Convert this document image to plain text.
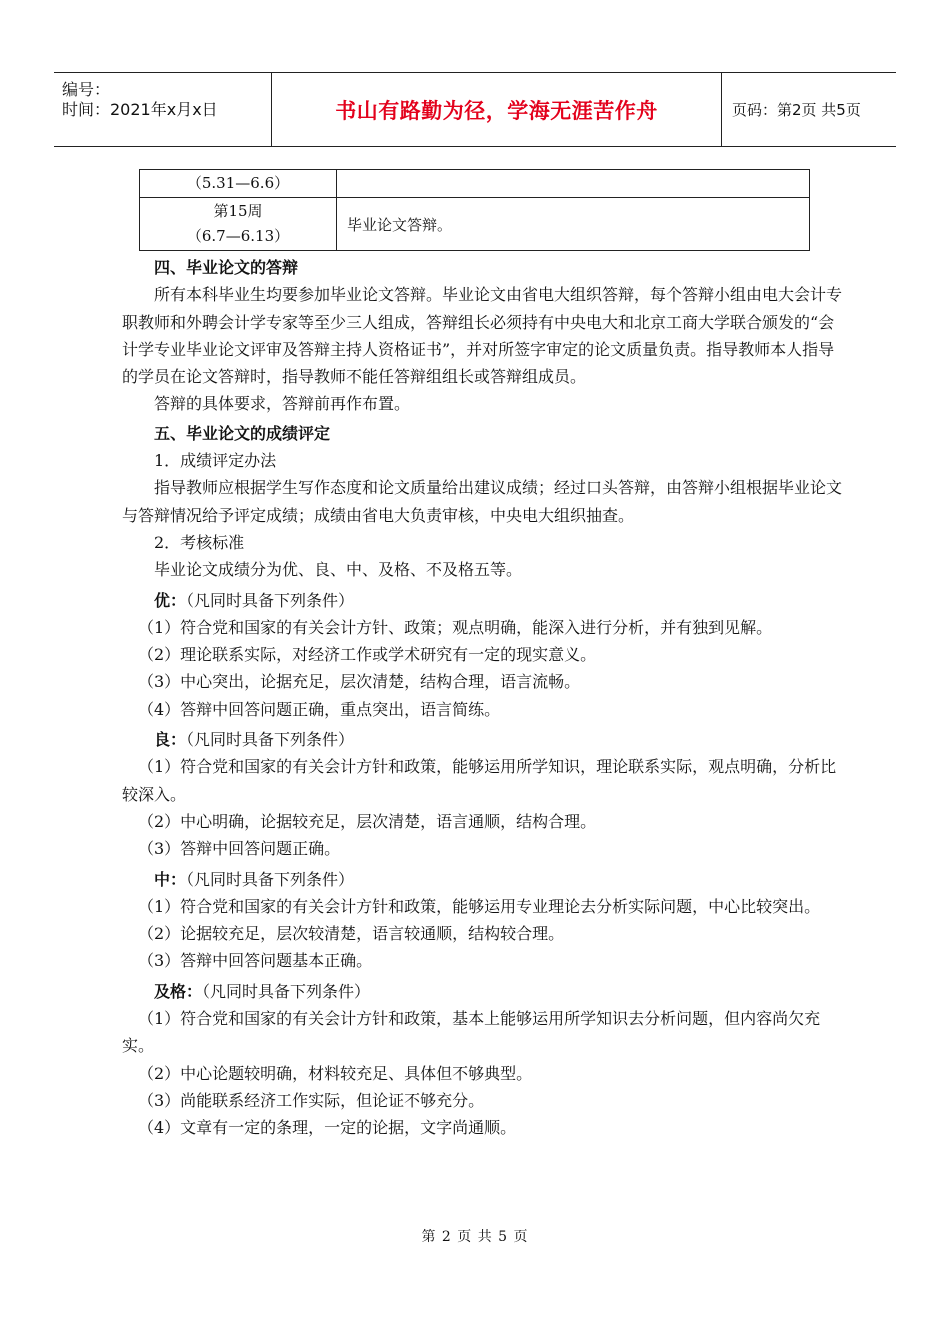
编号：
时间：2021年x月x日	书山有路勤为径，学海无涯苦作舟	页码：第2页 共5页
（5.31—6.6）	

第15周
（6.7—6.13）	毕业论文答辩。

四、毕业论文的答辩

所有本科毕业生均要参加毕业论文答辩。毕业论文由省电大组织答辩，每个答辩小组由电大会计专职教师和外聘会计学专家等至少三人组成，答辩组长必须持有中央电大和北京工商大学联合颁发的“会计学专业毕业论文评审及答辩主持人资格证书”，并对所签字审定的论文质量负责。指导教师本人指导的学员在论文答辩时，指导教师不能任答辩组组长或答辩组成员。

答辩的具体要求，答辩前再作布置。

五、毕业论文的成绩评定

1．成绩评定办法

指导教师应根据学生写作态度和论文质量给出建议成绩；经过口头答辩，由答辩小组根据毕业论文与答辩情况给予评定成绩；成绩由省电大负责审核，中央电大组织抽查。

2．考核标准

毕业论文成绩分为优、良、中、及格、不及格五等。

优：（凡同时具备下列条件）

（1）符合党和国家的有关会计方针、政策；观点明确，能深入进行分析，并有独到见解。

（2）理论联系实际，对经济工作或学术研究有一定的现实意义。

（3）中心突出，论据充足，层次清楚，结构合理，语言流畅。

（4）答辩中回答问题正确，重点突出，语言简练。

良：（凡同时具备下列条件）

（1）符合党和国家的有关会计方针和政策，能够运用所学知识，理论联系实际，观点明确，分析比较深入。

（2）中心明确，论据较充足，层次清楚，语言通顺，结构合理。

（3）答辩中回答问题正确。

中：（凡同时具备下列条件）

（1）符合党和国家的有关会计方针和政策，能够运用专业理论去分析实际问题，中心比较突出。

（2）论据较充足，层次较清楚，语言较通顺，结构较合理。

（3）答辩中回答问题基本正确。

及格：（凡同时具备下列条件）

（1）符合党和国家的有关会计方针和政策，基本上能够运用所学知识去分析问题，但内容尚欠充实。

（2）中心论题较明确，材料较充足、具体但不够典型。

（3）尚能联系经济工作实际，但论证不够充分。

（4）文章有一定的条理，一定的论据，文字尚通顺。

第 2 页 共 5 页
